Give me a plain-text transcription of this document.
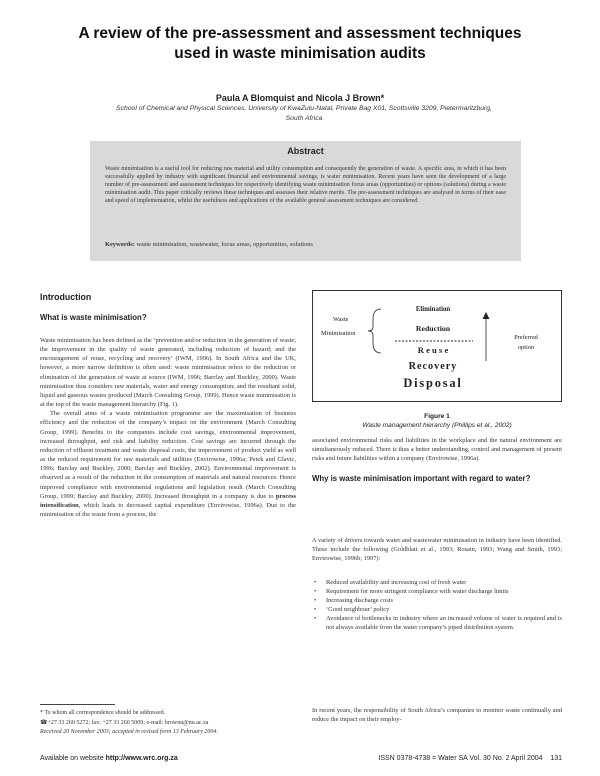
A review of the pre-assessment and assessment techniques
used in waste minimisation audits
Paula A Blomquist and Nicola J Brown*
School of Chemical and Physical Sciences, University of KwaZulu-Natal, Private Bag X01, Scottsville 3209, Pietermaritzburg,
South Africa
Abstract
Waste minimisation is a useful tool for reducing raw material and utility consumption and consequently the generation of waste. A specific area, in which it has been successfully applied by industry with significant financial and environmental savings, is water minimisation. Recent years have seen the development of a large number of pre-assessment and assessment techniques for respectively identifying waste minimisation focus areas (opportunities) or options (solutions) during a waste minimisation audit. This paper critically reviews these techniques and assesses their relative merits. The pre-assessment techniques are analysed in terms of their ease and speed of implementation, whilst the usefulness and applications of the available general assessment techniques are considered.
Keywords: waste minimisation, wastewater, focus areas, opportunities, solutions
Introduction
What is waste minimisation?

Waste minimisation has been defined as the ‘prevention and/or reduction in the generation of waste; the improvement in the quality of waste generated, including reduction of hazard; and the encouragement of reuse, recycling and recovery’ (IWM, 1996). In South Africa and the UK, however, a more narrow definition is often used: waste minimisation refers to the reduction or elimination of the generation of waste at source (IWM, 1996; Barclay and Buckley, 2000). Waste minimisation thus considers raw materials, water and energy consumption; and the resultant solid, liquid and gaseous wastes produced (March Consulting Group, 1999). Hence waste minimisation is at the top of the waste management hierarchy (Fig. 1).

The overall aims of a waste minimisation programme are the maximisation of business efficiency and the reduction of the company’s impact on the environment (March Consulting Group, 1999). Benefits to the companies include cost savings, environmental improvement, increased throughput, and risk and liability reduction. Cost savings are incurred through the reduction of effluent treatment and waste disposal costs, the improvement of product yield as well as the reduced requirement for raw materials and utilities (Envirowise, 1996a; Petek and Glavic, 1996; Barclay and Buckley, 2000; Barclay and Buckley, 2002). Environmental improvement is observed as a result of the reduction in the consumption of materials and natural resources. Hence improved compliance with environmental regulations and legislation result (March Consulting Group, 1999; Barclay and Buckley, 2000). Increased throughput in a company is due to process intensification, which leads to decreased capital expenditure (Envirowise, 1996a). Due to the minimisation of the waste from a process, the

Waste
Minimisation
Elimination
Reduction
R e u s e
Recovery
Disposal
Preferred
option
Figure 1
Waste management hierarchy (Phillips et al., 2002)
associated environmental risks and liabilities in the workplace and the natural environment are simultaneously reduced. There is thus a better understanding, control and management of present risks and future liabilities within a company (Envirowise, 1996a).
Why is waste minimisation important with regard to water?
A variety of drivers towards water and wastewater minimisation in industry have been identified. These include the following (Goldblatt et al., 1993; Rosain, 1993; Wang and Smith, 1993; Envirowise, 1996b; 1997):
• Reduced availability and increasing cost of fresh water
• Requirement for more stringent compliance with water discharge limits
• Increasing discharge costs
• ‘Good neighbour’ policy
• Avoidance of bottlenecks in industry where an increased volume of water is required and is not always available from the water company’s piped distribution system.
In recent years, the responsibility of South Africa’s companies to monitor waste continually and reduce the impact on their employ-
* To whom all correspondence should be addressed.
☎+27 33 260 5272; fax: +27 33 260 5009; e-mail: brownn@nu.ac.za
Received 20 November 2003; accepted in revised form 13 February 2004.
Available on website http://www.wrc.org.za	ISSN 0378-4738 = Water SA Vol. 30 No. 2 April 2004    131
